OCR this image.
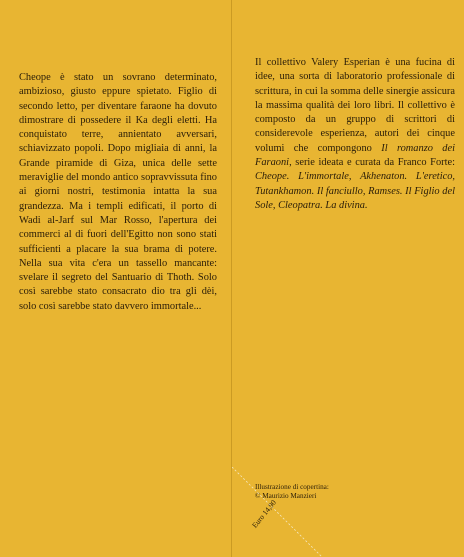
Cheope è stato un sovrano determinato, ambizioso, giusto eppure spietato. Figlio di secondo letto, per diventare faraone ha dovuto dimostrare di possedere il Ka degli eletti. Ha conquistato terre, annientato avversari, schiavizzato popoli. Dopo migliaia di anni, la Grande piramide di Giza, unica delle sette meraviglie del mondo antico sopravvissuta fino ai giorni nostri, testimonia intatta la sua grandezza. Ma i templi edificati, il porto di Wadi al-Jarf sul Mar Rosso, l'apertura dei commerci al di fuori dell'Egitto non sono stati sufficienti a placare la sua brama di potere. Nella sua vita c'era un tassello mancante: svelare il segreto del Santuario di Thoth. Solo così sarebbe stato consacrato dio tra gli dèi, solo così sarebbe stato davvero immortale...

Il collettivo Valery Esperian è una fucina di idee, una sorta di laboratorio professionale di scrittura, in cui la somma delle sinergie assicura la massima qualità dei loro libri. Il collettivo è composto da un gruppo di scrittori di considerevole esperienza, autori dei cinque volumi che compongono Il romanzo dei Faraoni, serie ideata e curata da Franco Forte: Cheope. L'immortale, Akhenaton. L'eretico, Tutankhamon. Il fanciullo, Ramses. Il Figlio del Sole, Cleopatra. La divina.

Illustrazione di copertina:
© Maurizio Manzieri
Euro 14,90
